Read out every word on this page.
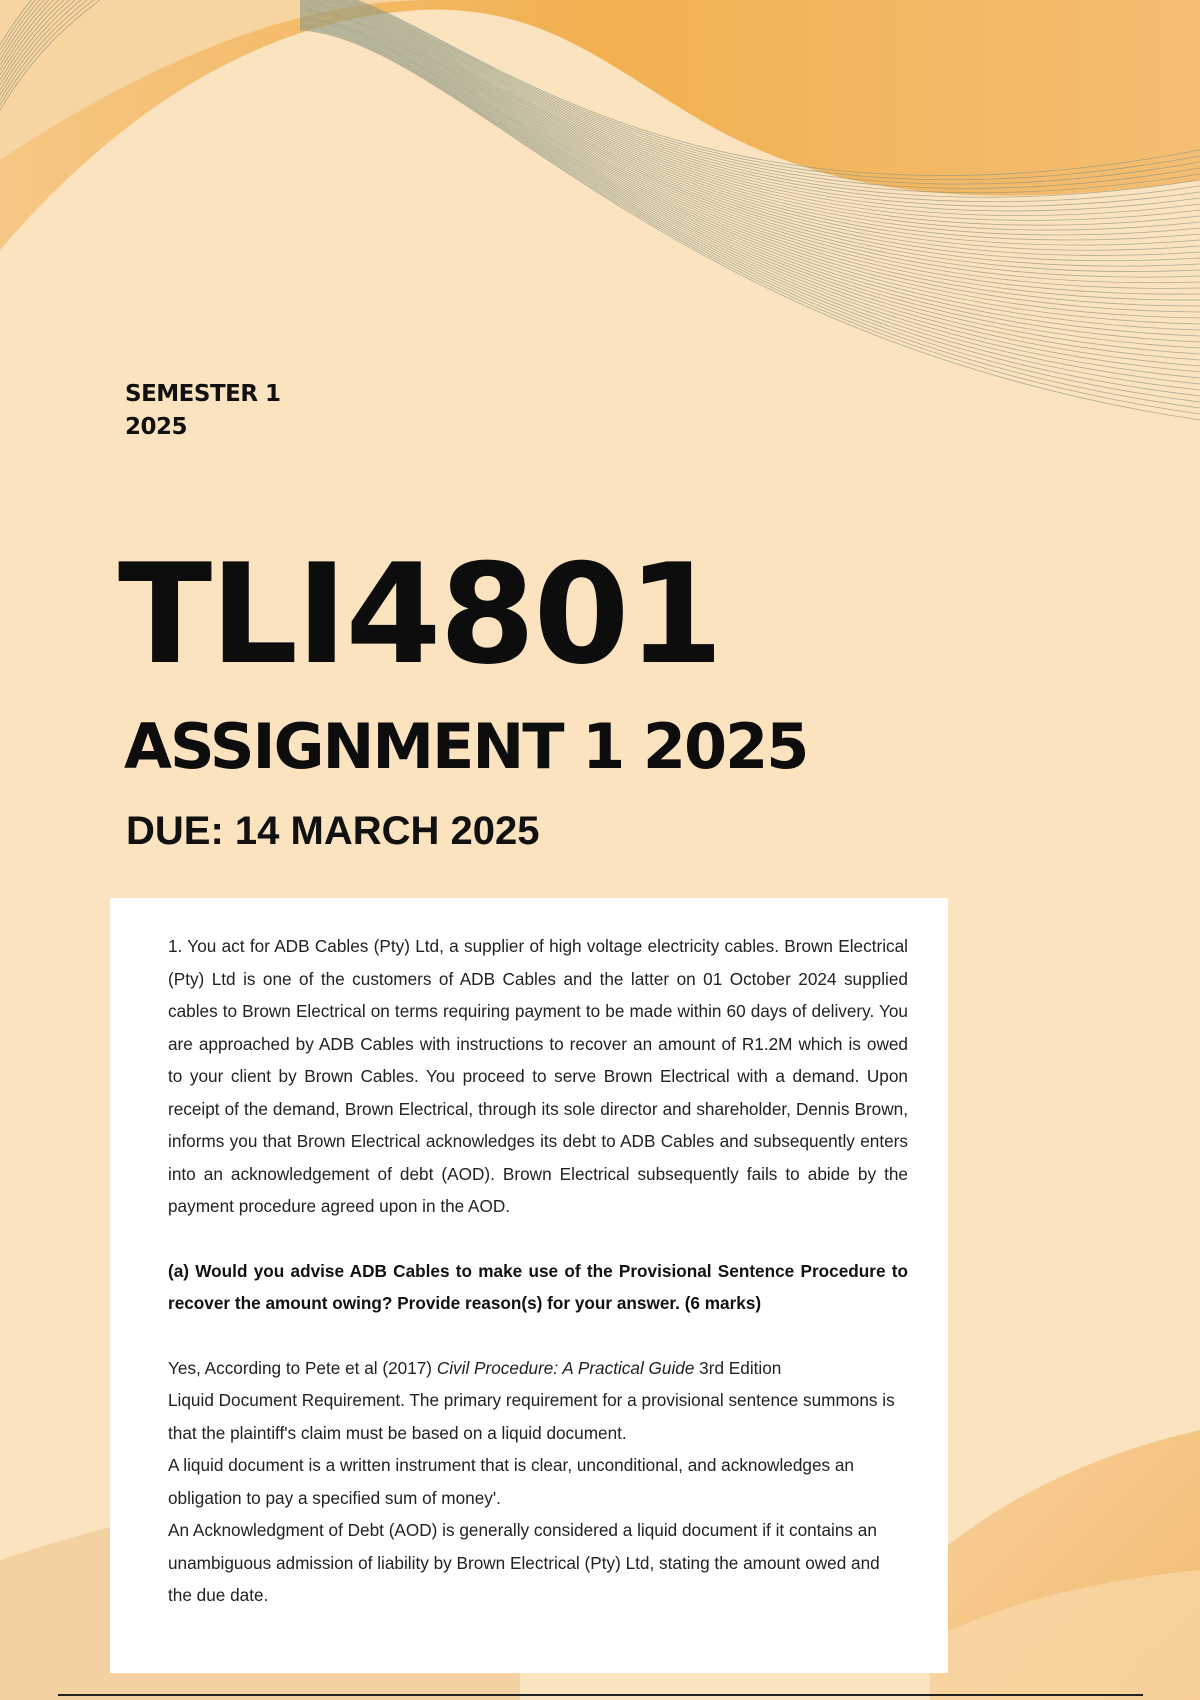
SEMESTER 1
2025
TLI4801
ASSIGNMENT 1 2025
DUE: 14 MARCH 2025

1. You act for ADB Cables (Pty) Ltd, a supplier of high voltage electricity cables. Brown Electrical (Pty) Ltd is one of the customers of ADB Cables and the latter on 01 October 2024 supplied cables to Brown Electrical on terms requiring payment to be made within 60 days of delivery. You are approached by ADB Cables with instructions to recover an amount of R1.2M which is owed to your client by Brown Cables. You proceed to serve Brown Electrical with a demand. Upon receipt of the demand, Brown Electrical, through its sole director and shareholder, Dennis Brown, informs you that Brown Electrical acknowledges its debt to ADB Cables and subsequently enters into an acknowledgement of debt (AOD). Brown Electrical subsequently fails to abide by the payment procedure agreed upon in the AOD.

(a) Would you advise ADB Cables to make use of the Provisional Sentence Procedure to recover the amount owing? Provide reason(s) for your answer. (6 marks)

Yes, According to Pete et al (2017) Civil Procedure: A Practical Guide 3rd Edition

Liquid Document Requirement. The primary requirement for a provisional sentence summons is that the plaintiff's claim must be based on a liquid document.

A liquid document is a written instrument that is clear, unconditional, and acknowledges an obligation to pay a specified sum of money'.

An Acknowledgment of Debt (AOD) is generally considered a liquid document if it contains an unambiguous admission of liability by Brown Electrical (Pty) Ltd, stating the amount owed and the due date.
